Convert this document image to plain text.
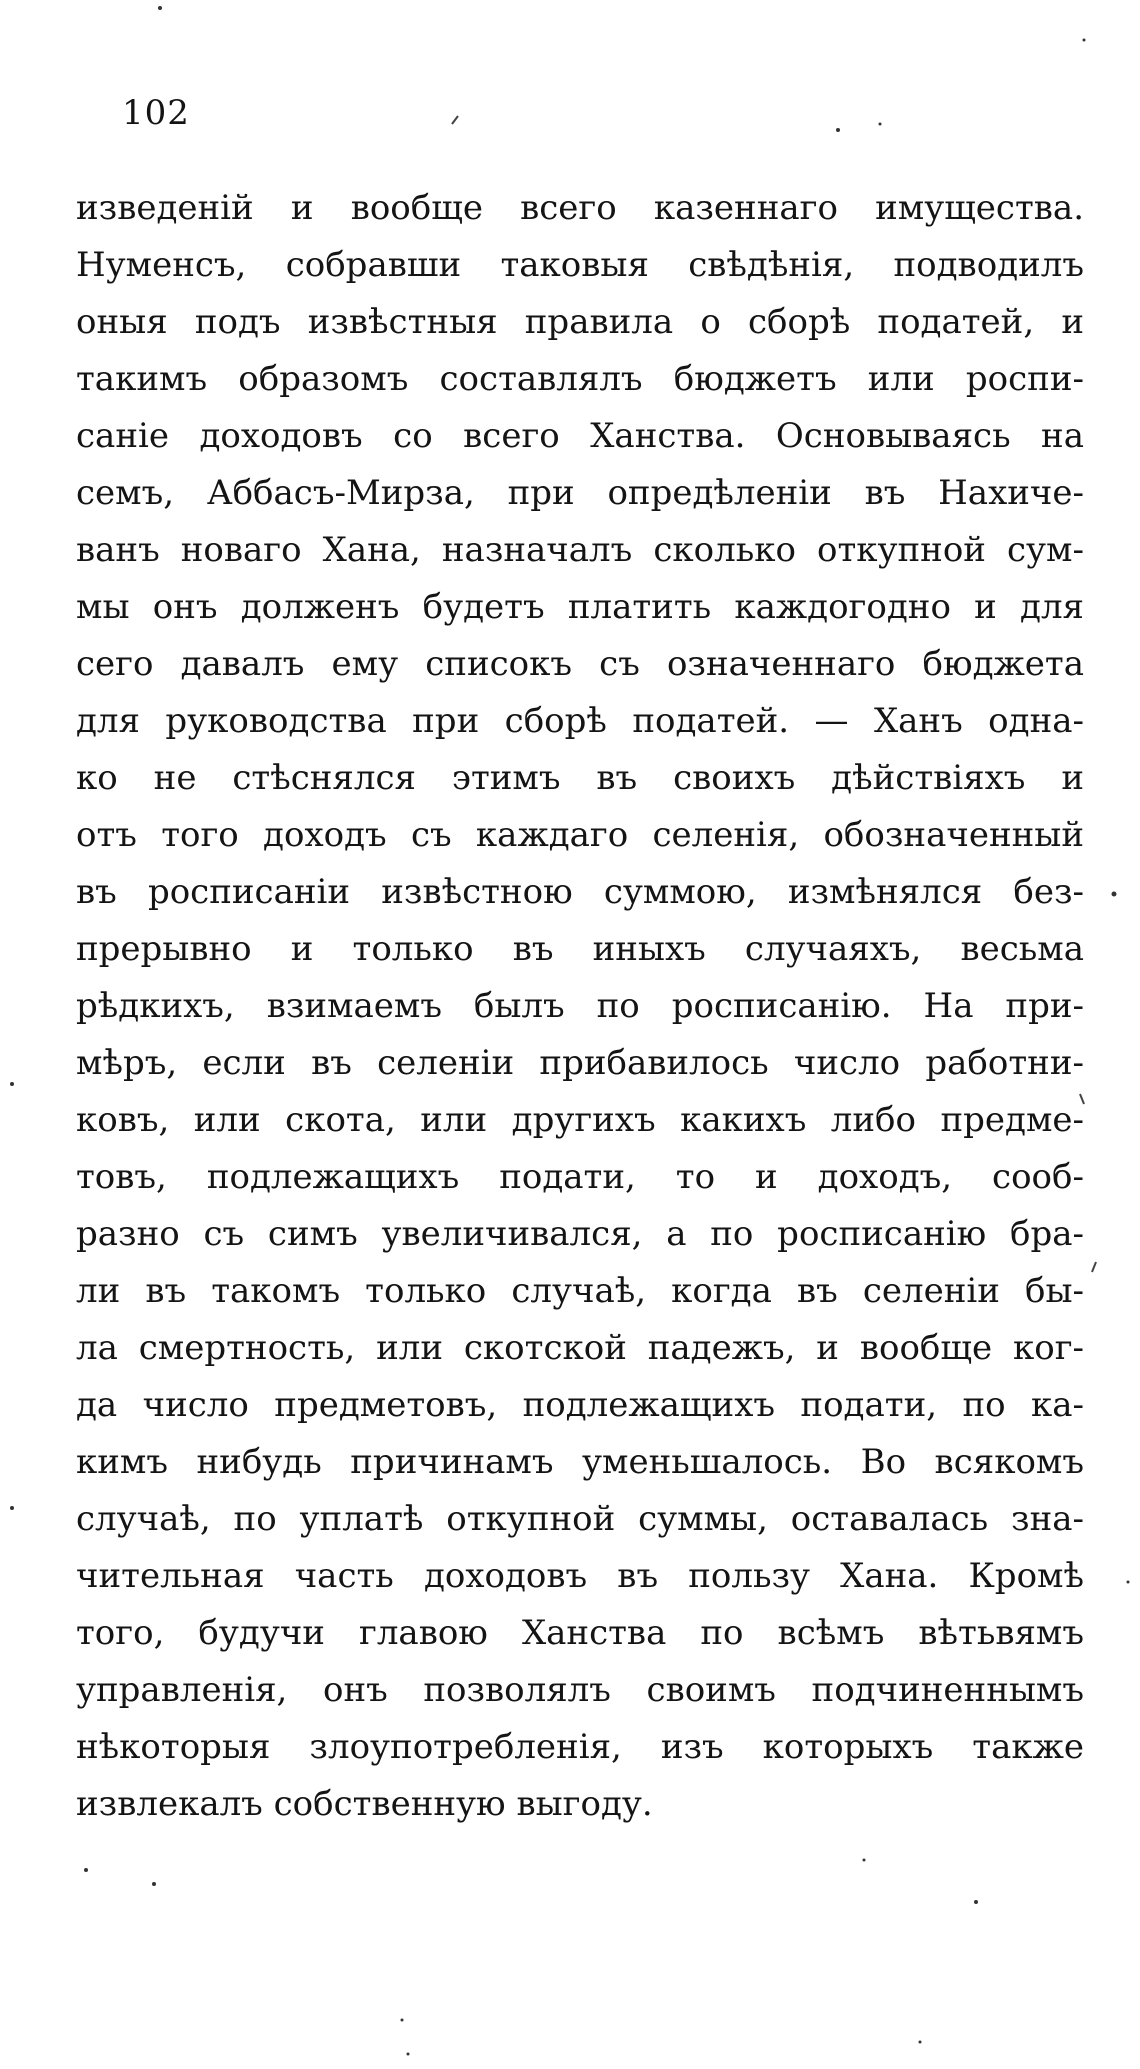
102
изведеній и вообще всего казеннаго имущества.
Нуменсъ, собравши таковыя свѣдѣнія, подводилъ
оныя подъ извѣстныя правила о сборѣ податей, и
такимъ образомъ составлялъ бюджетъ или роспи-
саніе доходовъ со всего Ханства. Основываясь на
семъ, Аббасъ-Мирза, при опредѣленіи въ Нахиче-
ванъ новаго Хана, назначалъ сколько откупной сум-
мы онъ долженъ будетъ платить каждогодно и для
сего давалъ ему списокъ съ означеннаго бюджета
для руководства при сборѣ податей. — Ханъ одна-
ко не стѣснялся этимъ въ своихъ дѣйствіяхъ и
отъ того доходъ съ каждаго селенія, обозначенный
въ росписаніи извѣстною суммою, измѣнялся без-
прерывно и только въ иныхъ случаяхъ, весьма
рѣдкихъ, взимаемъ былъ по росписанію. На при-
мѣръ, если въ селеніи прибавилось число работни-
ковъ, или скота, или другихъ какихъ либо предме-
товъ, подлежащихъ подати, то и доходъ, сооб-
разно съ симъ увеличивался, а по росписанію бра-
ли въ такомъ только случаѣ, когда въ селеніи бы-
ла смертность, или скотской падежъ, и вообще ког-
да число предметовъ, подлежащихъ подати, по ка-
кимъ нибудь причинамъ уменьшалось. Во всякомъ
случаѣ, по уплатѣ откупной суммы, оставалась зна-
чительная часть доходовъ въ пользу Хана. Кромѣ
того, будучи главою Ханства по всѣмъ вѣтьвямъ
управленія, онъ позволялъ своимъ подчиненнымъ
нѣкоторыя злоупотребленія, изъ которыхъ также
извлекалъ собственную выгоду.
